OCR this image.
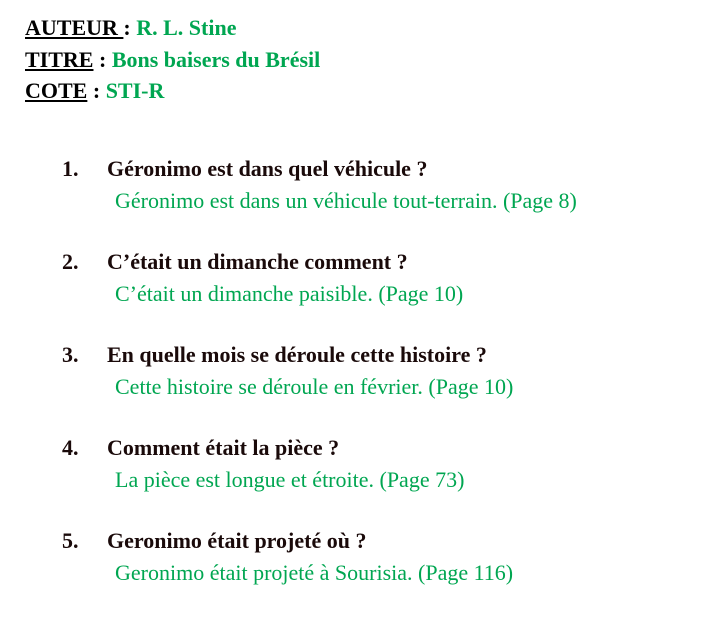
AUTEUR : R. L. Stine
TITRE : Bons baisers du Brésil
COTE : STI-R
1. Géronimo est dans quel véhicule ?
Géronimo est dans un véhicule tout-terrain. (Page 8)
2. C’était un dimanche comment ?
C’était un dimanche paisible. (Page 10)
3. En quelle mois se déroule cette histoire ?
Cette histoire se déroule en février. (Page 10)
4. Comment était la pièce ?
La pièce est longue et étroite. (Page 73)
5. Geronimo était projeté où ?
Geronimo était projeté à Sourisia. (Page 116)
